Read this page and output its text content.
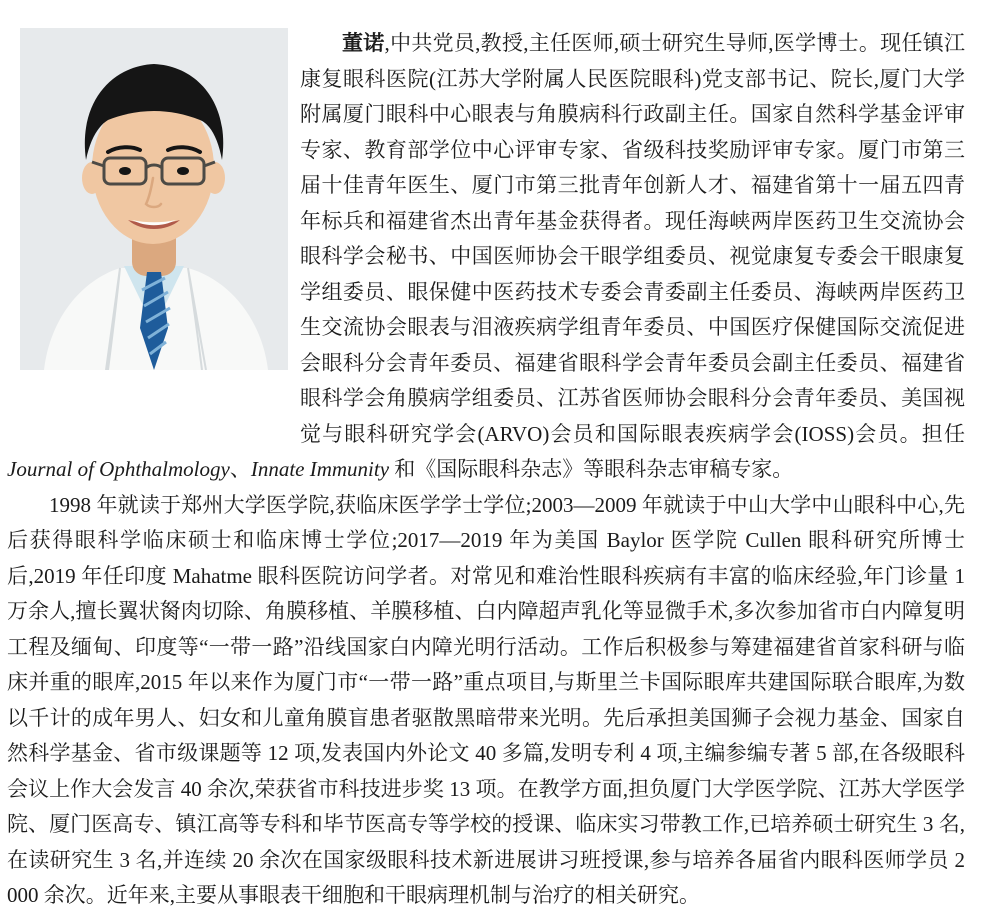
董诺,中共党员,教授,主任医师,硕士研究生导师,医学博士。现任镇江康复眼科医院(江苏大学附属人民医院眼科)党支部书记、院长,厦门大学附属厦门眼科中心眼表与角膜病科行政副主任。国家自然科学基金评审专家、教育部学位中心评审专家、省级科技奖励评审专家。厦门市第三届十佳青年医生、厦门市第三批青年创新人才、福建省第十一届五四青年标兵和福建省杰出青年基金获得者。现任海峡两岸医药卫生交流协会眼科学会秘书、中国医师协会干眼学组委员、视觉康复专委会干眼康复学组委员、眼保健中医药技术专委会青委副主任委员、海峡两岸医药卫生交流协会眼表与泪液疾病学组青年委员、中国医疗保健国际交流促进会眼科分会青年委员、福建省眼科学会青年委员会副主任委员、福建省眼科学会角膜病学组委员、江苏省医师协会眼科分会青年委员、美国视觉与眼科研究学会(ARVO)会员和国际眼表疾病学会(IOSS)会员。担任 Journal of Ophthalmology、Innate Immunity 和《国际眼科杂志》等眼科杂志审稿专家。

1998 年就读于郑州大学医学院,获临床医学学士学位;2003—2009 年就读于中山大学中山眼科中心,先后获得眼科学临床硕士和临床博士学位;2017—2019 年为美国 Baylor 医学院 Cullen 眼科研究所博士后,2019 年任印度 Mahatme 眼科医院访问学者。对常见和难治性眼科疾病有丰富的临床经验,年门诊量 1 万余人,擅长翼状胬肉切除、角膜移植、羊膜移植、白内障超声乳化等显微手术,多次参加省市白内障复明工程及缅甸、印度等“一带一路”沿线国家白内障光明行活动。工作后积极参与筹建福建省首家科研与临床并重的眼库,2015 年以来作为厦门市“一带一路”重点项目,与斯里兰卡国际眼库共建国际联合眼库,为数以千计的成年男人、妇女和儿童角膜盲患者驱散黑暗带来光明。先后承担美国狮子会视力基金、国家自然科学基金、省市级课题等 12 项,发表国内外论文 40 多篇,发明专利 4 项,主编参编专著 5 部,在各级眼科会议上作大会发言 40 余次,荣获省市科技进步奖 13 项。在教学方面,担负厦门大学医学院、江苏大学医学院、厦门医高专、镇江高等专科和毕节医高专等学校的授课、临床实习带教工作,已培养硕士研究生 3 名,在读研究生 3 名,并连续 20 余次在国家级眼科技术新进展讲习班授课,参与培养各届省内眼科医师学员 2 000 余次。近年来,主要从事眼表干细胞和干眼病理机制与治疗的相关研究。
